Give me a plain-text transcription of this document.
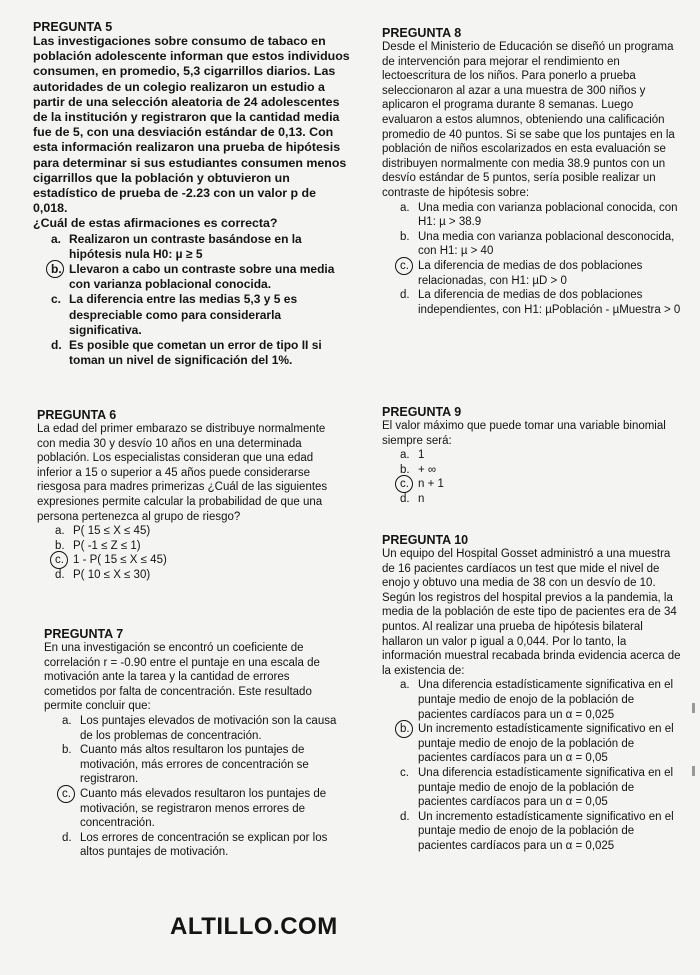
PREGUNTA 5
Las investigaciones sobre consumo de tabaco en población adolescente informan que estos individuos consumen, en promedio, 5,3 cigarrillos diarios. Las autoridades de un colegio realizaron un estudio a partir de una selección aleatoria de 24 adolescentes de la institución y registraron que la cantidad media fue de 5, con una desviación estándar de 0,13. Con esta información realizaron una prueba de hipótesis para determinar si sus estudiantes consumen menos cigarrillos que la población y obtuvieron un estadístico de prueba de -2.23 con un valor p de 0,018.
¿Cuál de estas afirmaciones es correcta?
a. Realizaron un contraste basándose en la hipótesis nula H0: µ ≥ 5
b. Llevaron a cabo un contraste sobre una media con varianza poblacional conocida.
c. La diferencia entre las medias 5,3 y 5 es despreciable como para considerarla significativa.
d. Es posible que cometan un error de tipo II si toman un nivel de significación del 1%.
PREGUNTA 6
La edad del primer embarazo se distribuye normalmente con media 30 y desvío 10 años en una determinada población. Los especialistas consideran que una edad inferior a 15 o superior a 45 años puede considerarse riesgosa para madres primerizas ¿Cuál de las siguientes expresiones permite calcular la probabilidad de que una persona pertenezca al grupo de riesgo?
a. P( 15 ≤ X ≤ 45)
b. P( -1 ≤ Z ≤ 1)
c. 1 - P( 15 ≤ X ≤ 45)
d. P( 10 ≤ X ≤ 30)
PREGUNTA 7
En una investigación se encontró un coeficiente de correlación r = -0.90 entre el puntaje en una escala de motivación ante la tarea y la cantidad de errores cometidos por falta de concentración. Este resultado permite concluir que:
a. Los puntajes elevados de motivación son la causa de los problemas de concentración.
b. Cuanto más altos resultaron los puntajes de motivación, más errores de concentración se registraron.
c. Cuanto más elevados resultaron los puntajes de motivación, se registraron menos errores de concentración.
d. Los errores de concentración se explican por los altos puntajes de motivación.
ALTILLO.COM
PREGUNTA 8
Desde el Ministerio de Educación se diseñó un programa de intervención para mejorar el rendimiento en lectoescritura de los niños. Para ponerlo a prueba seleccionaron al azar a una muestra de 300 niños y aplicaron el programa durante 8 semanas. Luego evaluaron a estos alumnos, obteniendo una calificación promedio de 40 puntos. Si se sabe que los puntajes en la población de niños escolarizados en esta evaluación se distribuyen normalmente con media 38.9 puntos con un desvío estándar de 5 puntos, sería posible realizar un contraste de hipótesis sobre:
a. Una media con varianza poblacional conocida, con H1: µ > 38.9
b. Una media con varianza poblacional desconocida, con H1: µ > 40
c. La diferencia de medias de dos poblaciones relacionadas, con H1: µD > 0
d. La diferencia de medias de dos poblaciones independientes, con H1: µPoblación - µMuestra > 0
PREGUNTA 9
El valor máximo que puede tomar una variable binomial siempre será:
a. 1
b. + ∞
c. n + 1
d. n
PREGUNTA 10
Un equipo del Hospital Gosset administró a una muestra de 16 pacientes cardíacos un test que mide el nivel de enojo y obtuvo una media de 38 con un desvío de 10. Según los registros del hospital previos a la pandemia, la media de la población de este tipo de pacientes era de 34 puntos. Al realizar una prueba de hipótesis bilateral hallaron un valor p igual a 0,044. Por lo tanto, la información muestral recabada brinda evidencia acerca de la existencia de:
a. Una diferencia estadísticamente significativa en el puntaje medio de enojo de la población de pacientes cardíacos para un α = 0,025
b. Un incremento estadísticamente significativo en el puntaje medio de enojo de la población de pacientes cardíacos para un α = 0,05
c. Una diferencia estadísticamente significativa en el puntaje medio de enojo de la población de pacientes cardíacos para un α = 0,05
d. Un incremento estadísticamente significativo en el puntaje medio de enojo de la población de pacientes cardíacos para un α = 0,025
